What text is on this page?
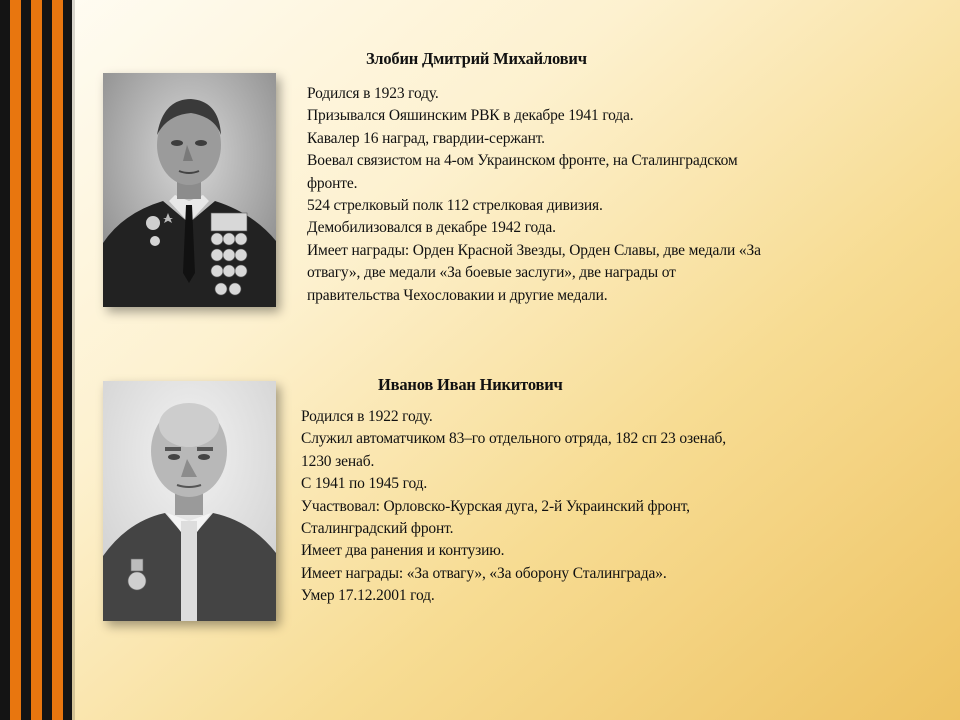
Злобин Дмитрий Михайлович
Родился в 1923 году.
Призывался Ояшинским РВК в декабре 1941 года.
Кавалер 16 наград, гвардии-сержант.
Воевал связистом на 4-ом Украинском фронте, на Сталинградском
фронте.
524 стрелковый полк 112 стрелковая дивизия.
Демобилизовался в декабре 1942 года.
Имеет награды: Орден Красной Звезды, Орден Славы, две медали «За
отвагу», две медали «За боевые заслуги», две награды от
правительства Чехословакии и другие медали.
Иванов Иван Никитович
Родился в 1922 году.
Служил автоматчиком 83–го отдельного отряда, 182 сп 23 озенаб,
1230 зенаб.
С 1941 по 1945 год.
Участвовал: Орловско-Курская дуга, 2-й Украинский фронт,
Сталинградский фронт.
Имеет два ранения и контузию.
Имеет награды: «За отвагу», «За оборону Сталинграда».
Умер 17.12.2001 год.
